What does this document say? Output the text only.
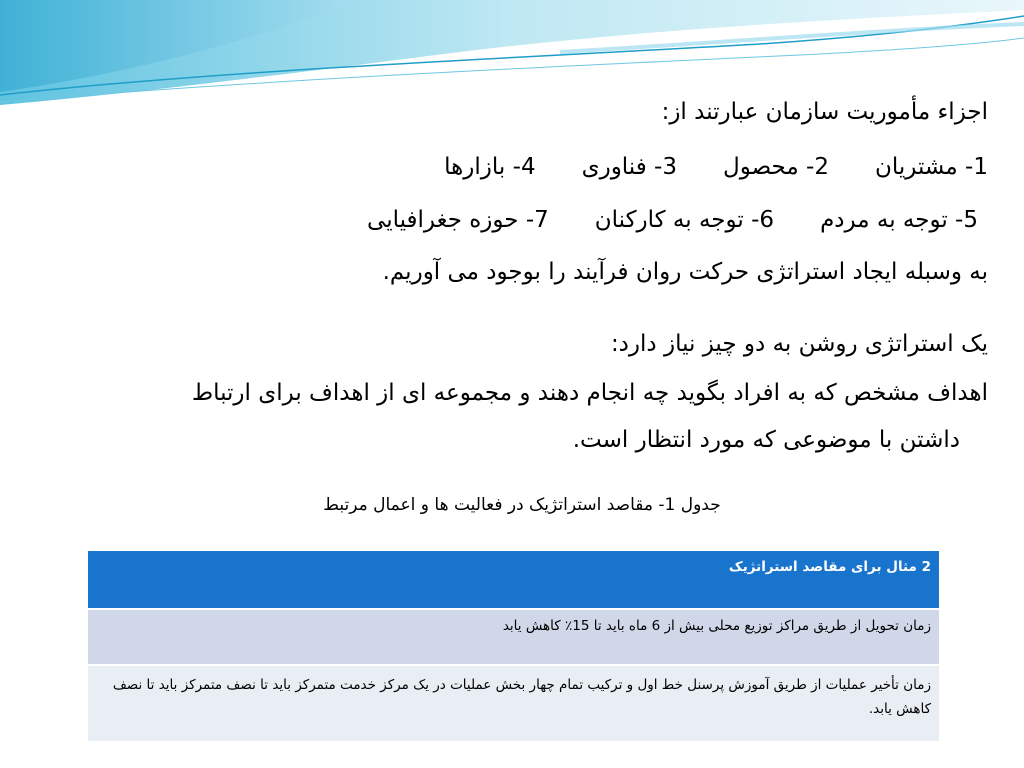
اجزاء مأموریت سازمان عبارتند از:
1- مشتریان
2- محصول
3- فناوری
4- بازارها
5- توجه به مردم
6- توجه به کارکنان
7- حوزه جغرافیایی
به وسبله ایجاد استراتژی حرکت روان فرآیند را بوجود می آوریم.
یک استراتژی روشن به دو چیز نیاز دارد:
اهداف مشخص که به افراد بگوید چه انجام دهند و مجموعه ای از اهداف برای ارتباط
داشتن با موضوعی که مورد انتظار است.
جدول 1- مقاصد استراتژیک در فعالیت ها و اعمال مرتبط
2 مثال برای مقاصد استراتژیک
زمان تحویل از طریق مراکز توزیع محلی بیش از 6 ماه باید تا 15٪ کاهش یابد
زمان تأخیر عملیات از طریق آموزش پرسنل خط اول و ترکیب تمام چهار بخش عملیات در یک مرکز خدمت متمرکز باید تا نصف متمرکز باید تا نصف کاهش یابد.
